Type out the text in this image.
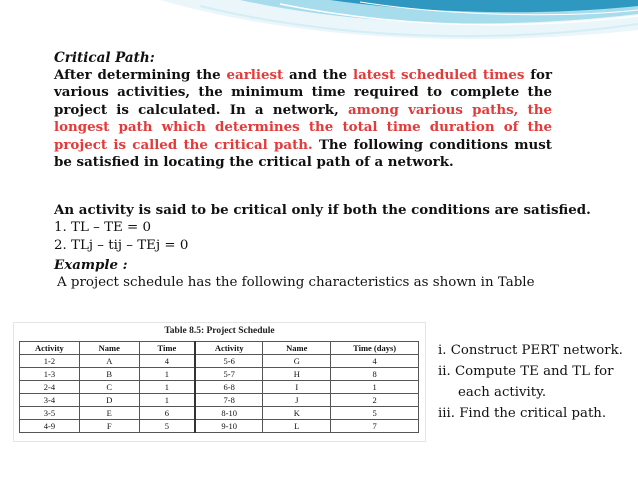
Critical Path:

After determining the earliest and the latest scheduled times for various activities, the minimum time required to complete the project is calculated. In a network, among various paths, the longest path which determines the total time duration of the project is called the critical path. The following conditions must be satisfied in locating the critical path of a network.

An activity is said to be critical only if both the conditions are satisfied.
1. TL – TE = 0
2. TLj – tij – TEj = 0
Example :
A project schedule has the following characteristics as shown in Table
Table 8.5: Project Schedule
Activity	Name	Time	Activity	Name	Time (days)
1-2	A	4	5-6	G	4
1-3	B	1	5-7	H	8
2-4	C	1	6-8	I	1
3-4	D	1	7-8	J	2
3-5	E	6	8-10	K	5
4-9	F	5	9-10	L	7

i. Construct PERT network.

ii. Compute TE and TL for

each activity.

iii. Find the critical path.
